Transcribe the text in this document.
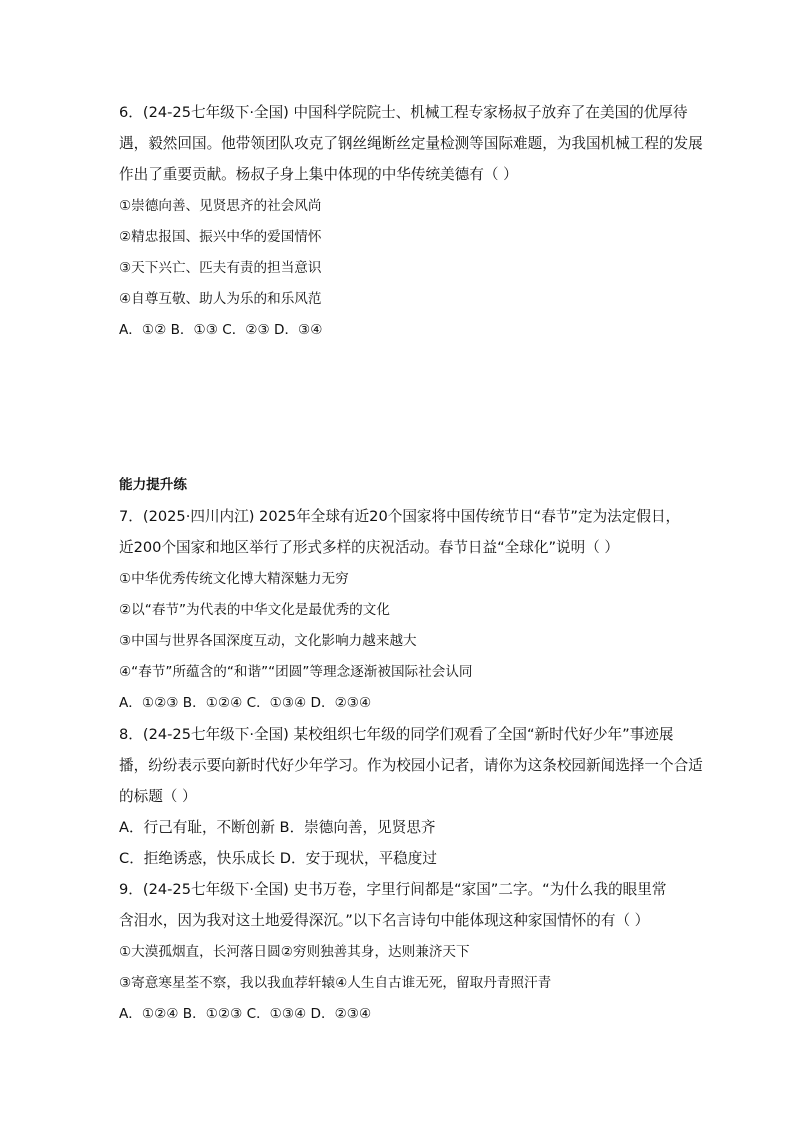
6．(24-25七年级下·全国) 中国科学院院士、机械工程专家杨叔子放弃了在美国的优厚待
遇，毅然回国。他带领团队攻克了钢丝绳断丝定量检测等国际难题，为我国机械工程的发展
作出了重要贡献。杨叔子身上集中体现的中华传统美德有（ ）
①崇德向善、见贤思齐的社会风尚
②精忠报国、振兴中华的爱国情怀
③天下兴亡、匹夫有责的担当意识
④自尊互敬、助人为乐的和乐风范
A．①② B．①③ C．②③ D．③④
能力提升练
7．(2025·四川内江) 2025年全球有近20个国家将中国传统节日“春节”定为法定假日，
近200个国家和地区举行了形式多样的庆祝活动。春节日益“全球化”说明（ ）
①中华优秀传统文化博大精深魅力无穷
②以“春节”为代表的中华文化是最优秀的文化
③中国与世界各国深度互动，文化影响力越来越大
④“春节”所蕴含的“和谐”“团圆”等理念逐渐被国际社会认同
A．①②③ B．①②④ C．①③④ D．②③④
8．(24-25七年级下·全国) 某校组织七年级的同学们观看了全国“新时代好少年”事迹展
播，纷纷表示要向新时代好少年学习。作为校园小记者，请你为这条校园新闻选择一个合适
的标题（ ）
A．行己有耻，不断创新 B．崇德向善，见贤思齐
C．拒绝诱惑，快乐成长 D．安于现状，平稳度过
9．(24-25七年级下·全国) 史书万卷，字里行间都是“家国”二字。“为什么我的眼里常
含泪水，因为我对这土地爱得深沉。”以下名言诗句中能体现这种家国情怀的有（ ）
①大漠孤烟直，长河落日圆②穷则独善其身，达则兼济天下
③寄意寒星荃不察，我以我血荐轩辕④人生自古谁无死，留取丹青照汗青
A．①②④ B．①②③ C．①③④ D．②③④
